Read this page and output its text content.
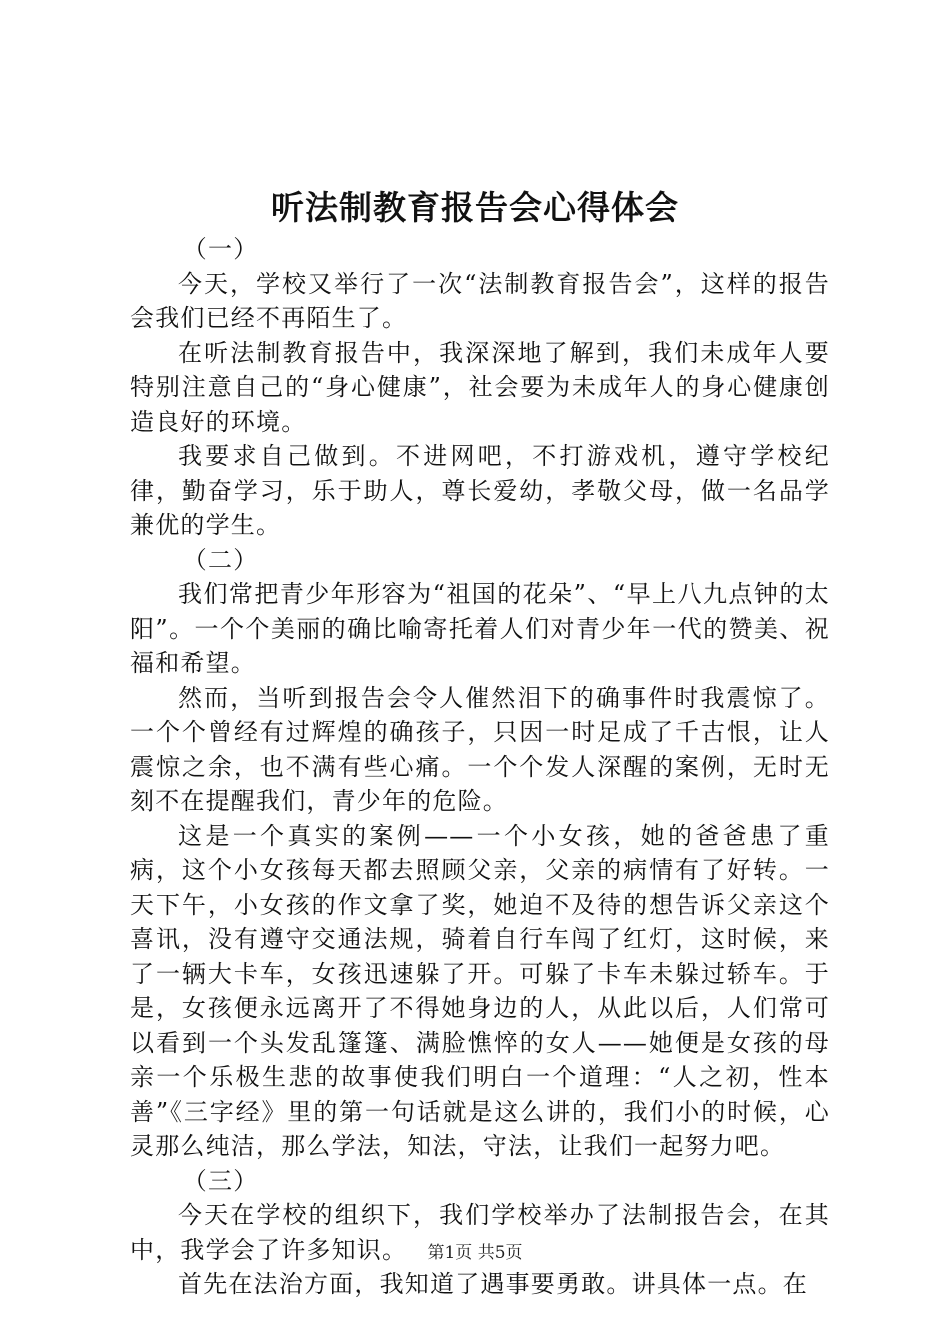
听法制教育报告会心得体会

（一）

今天，学校又举行了一次“法制教育报告会”，这样的报告会我们已经不再陌生了。

在听法制教育报告中，我深深地了解到，我们未成年人要特别注意自己的“身心健康”，社会要为未成年人的身心健康创造良好的环境。

我要求自己做到。不进网吧，不打游戏机，遵守学校纪律，勤奋学习，乐于助人，尊长爱幼，孝敬父母，做一名品学兼优的学生。

（二）

我们常把青少年形容为“祖国的花朵”、“早上八九点钟的太阳”。一个个美丽的确比喻寄托着人们对青少年一代的赞美、祝福和希望。

然而，当听到报告会令人催然泪下的确事件时我震惊了。一个个曾经有过辉煌的确孩子，只因一时足成了千古恨，让人震惊之余，也不满有些心痛。一个个发人深醒的案例，无时无刻不在提醒我们，青少年的危险。

这是一个真实的案例——一个小女孩，她的爸爸患了重病，这个小女孩每天都去照顾父亲，父亲的病情有了好转。一天下午，小女孩的作文拿了奖，她迫不及待的想告诉父亲这个喜讯，没有遵守交通法规，骑着自行车闯了红灯，这时候，来了一辆大卡车，女孩迅速躲了开。可躲了卡车未躲过轿车。于是，女孩便永远离开了不得她身边的人，从此以后，人们常可以看到一个头发乱篷篷、满脸憔悴的女人——她便是女孩的母亲一个乐极生悲的故事使我们明白一个道理：“人之初，性本善”《三字经》里的第一句话就是这么讲的，我们小的时候，心灵那么纯洁，那么学法，知法，守法，让我们一起努力吧。

（三）

今天在学校的组织下，我们学校举办了法制报告会，在其中，我学会了许多知识。

首先在法治方面，我知道了遇事要勇敢。讲具体一点。在

第1页 共5页
